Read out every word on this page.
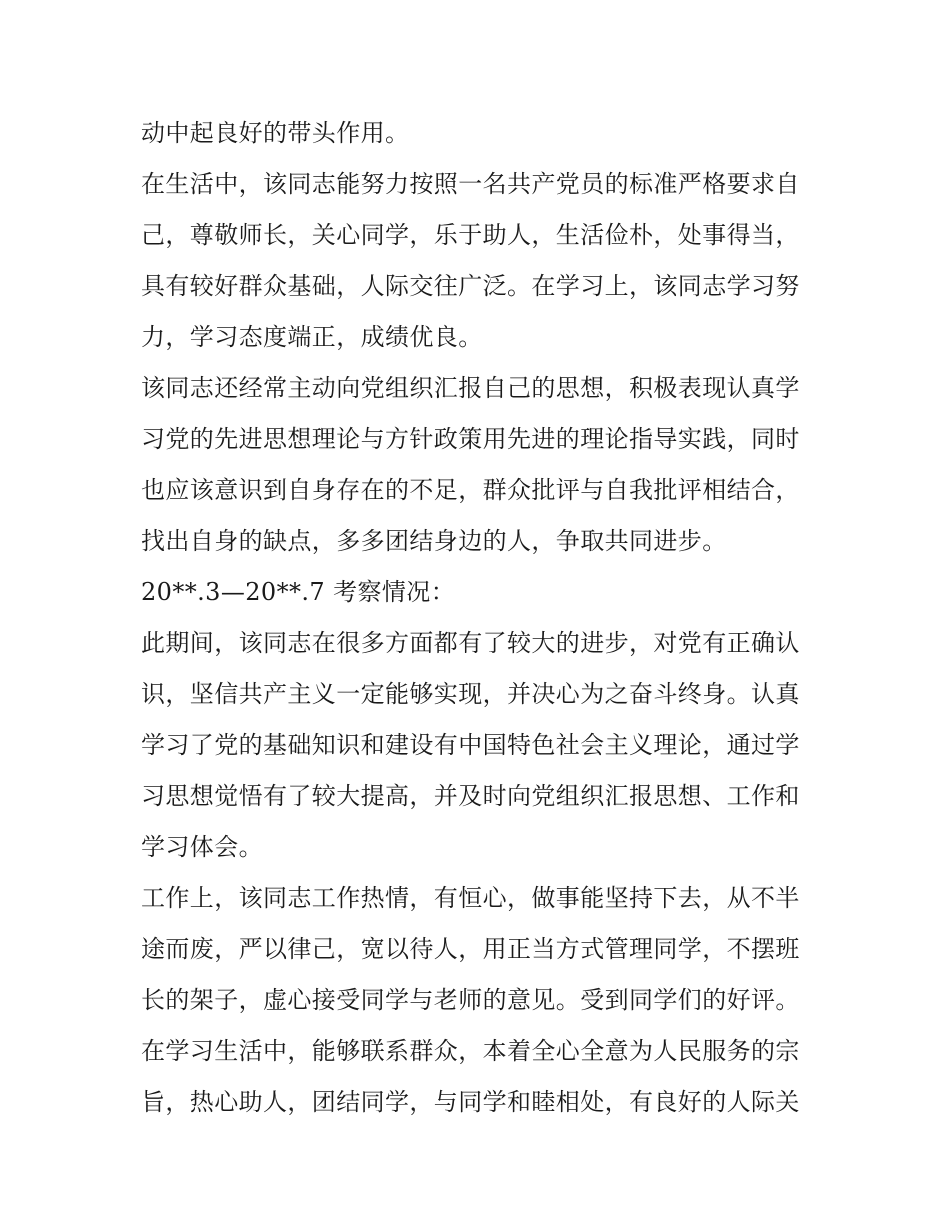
动中起良好的带头作用。
在生活中，该同志能努力按照一名共产党员的标准严格要求自
己，尊敬师长，关心同学，乐于助人，生活俭朴，处事得当，
具有较好群众基础，人际交往广泛。在学习上，该同志学习努
力，学习态度端正，成绩优良。
该同志还经常主动向党组织汇报自己的思想，积极表现认真学
习党的先进思想理论与方针政策用先进的理论指导实践，同时
也应该意识到自身存在的不足，群众批评与自我批评相结合，
找出自身的缺点，多多团结身边的人，争取共同进步。
20**.3—20**.7 考察情况：
此期间，该同志在很多方面都有了较大的进步，对党有正确认
识，坚信共产主义一定能够实现，并决心为之奋斗终身。认真
学习了党的基础知识和建设有中国特色社会主义理论，通过学
习思想觉悟有了较大提高，并及时向党组织汇报思想、工作和
学习体会。
工作上，该同志工作热情，有恒心，做事能坚持下去，从不半
途而废，严以律己，宽以待人，用正当方式管理同学，不摆班
长的架子，虚心接受同学与老师的意见。受到同学们的好评。
在学习生活中，能够联系群众，本着全心全意为人民服务的宗
旨，热心助人，团结同学，与同学和睦相处，有良好的人际关
